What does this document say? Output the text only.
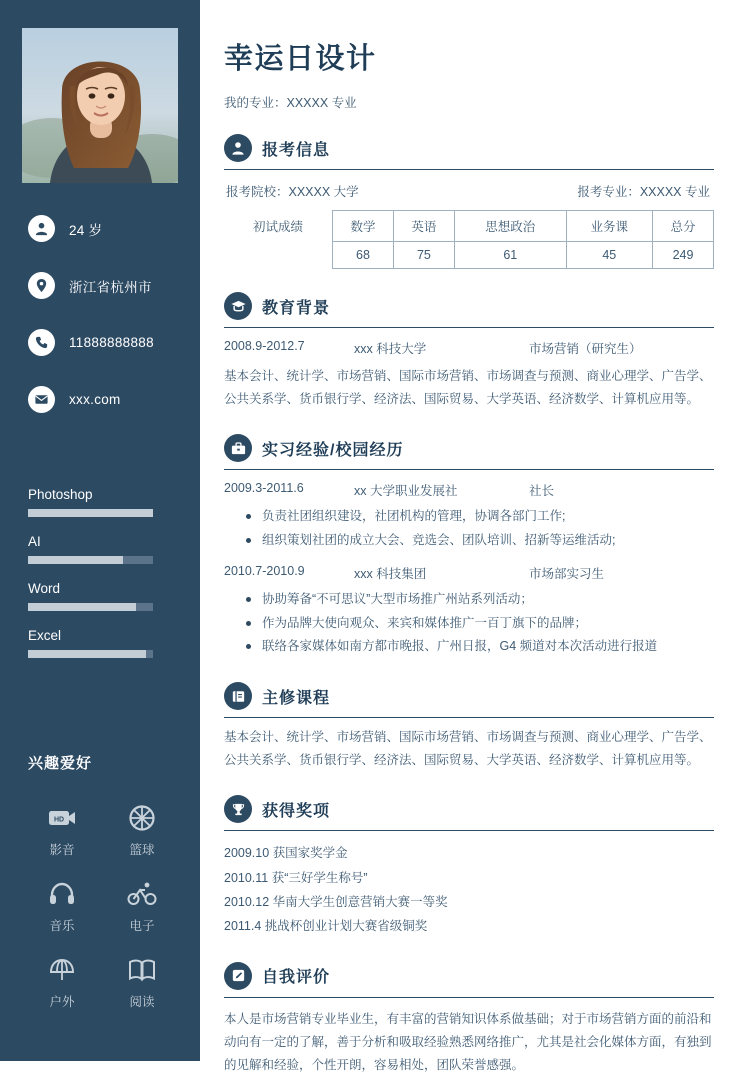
24 岁
浙江省杭州市
11888888888
xxx.com
Photoshop
AI
Word
Excel
兴趣爱好
HD
影音	篮球
音乐	电子
户外	阅读
幸运日设计
我的专业：XXXXX 专业
报考信息
报考院校：XXXXX 大学	报考专业：XXXXX 专业
初试成绩	数学	英语	思想政治	业务课	总分
	68	75	61	45	249
教育背景
2008.9-2012.7	xxx 科技大学	市场营销（研究生）
基本会计、统计学、市场营销、国际市场营销、市场调查与预测、商业心理学、广告学、公共关系学、货币银行学、经济法、国际贸易、大学英语、经济数学、计算机应用等。
实习经验/校园经历
2009.3-2011.6	xx 大学职业发展社	社长
负责社团组织建设，社团机构的管理，协调各部门工作;
组织策划社团的成立大会、竞选会、团队培训、招新等运维活动;
2010.7-2010.9	xxx 科技集团	市场部实习生
协助筹备“不可思议”大型市场推广州站系列活动；
作为品牌大使向观众、来宾和媒体推广一百丁旗下的品牌；
联络各家媒体如南方都市晚报、广州日报，G4 频道对本次活动进行报道
主修课程
基本会计、统计学、市场营销、国际市场营销、市场调查与预测、商业心理学、广告学、公共关系学、货币银行学、经济法、国际贸易、大学英语、经济数学、计算机应用等。
获得奖项
2009.10 获国家奖学金
2010.11 获“三好学生称号”
2010.12 华南大学生创意营销大赛一等奖
2011.4 挑战杯创业计划大赛省级铜奖
自我评价
本人是市场营销专业毕业生，有丰富的营销知识体系做基础；对于市场营销方面的前沿和动向有一定的了解，善于分析和吸取经验熟悉网络推广，尤其是社会化媒体方面，有独到的见解和经验，个性开朗，容易相处，团队荣誉感强。
